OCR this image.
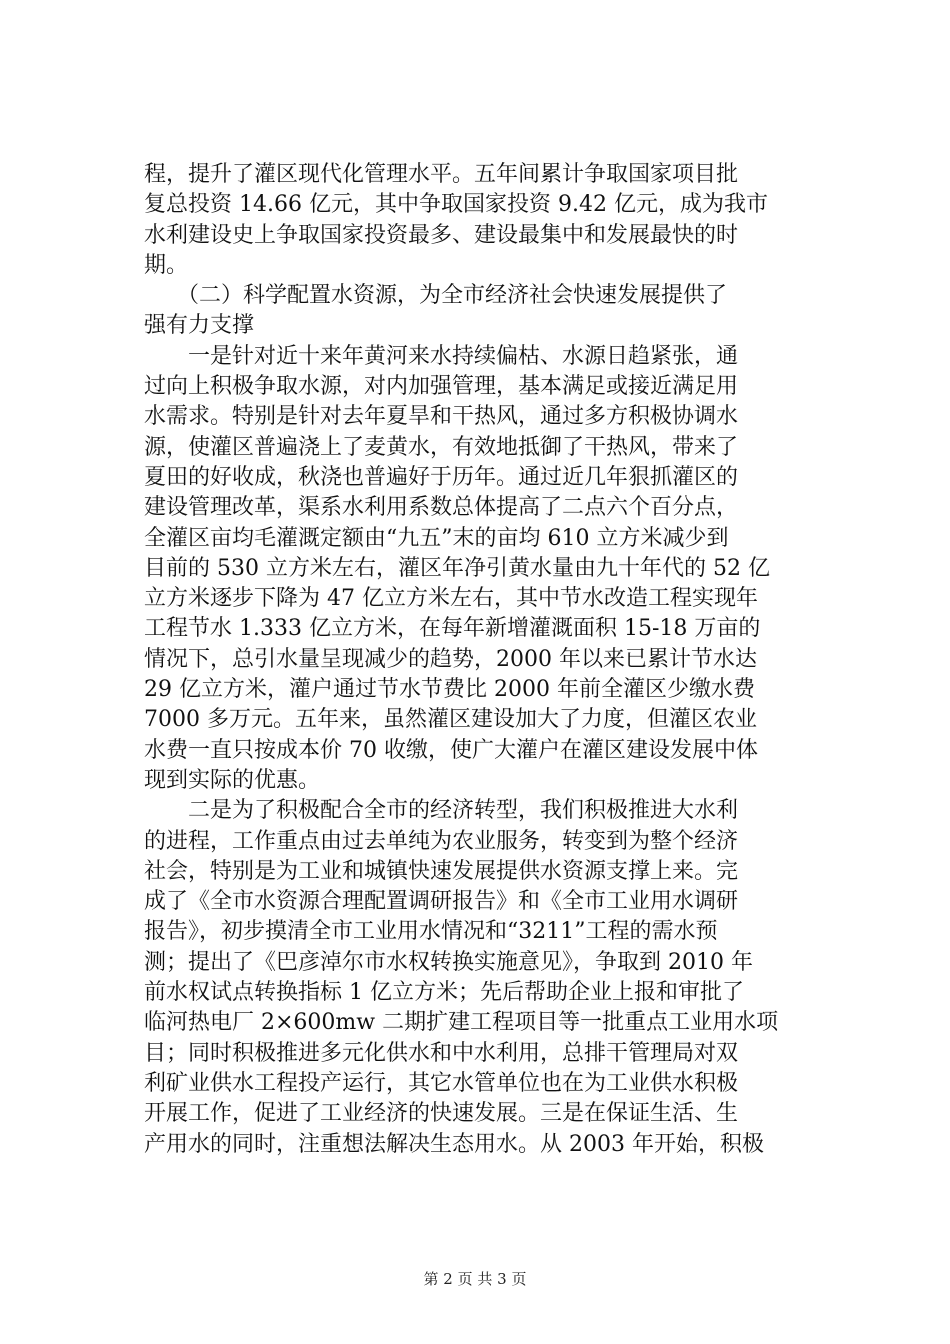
程，提升了灌区现代化管理水平。五年间累计争取国家项目批
复总投资 14.66 亿元，其中争取国家投资 9.42 亿元，成为我市
水利建设史上争取国家投资最多、建设最集中和发展最快的时
期。
　　（二）科学配置水资源，为全市经济社会快速发展提供了
强有力支撑
　　一是针对近十来年黄河来水持续偏枯、水源日趋紧张，通
过向上积极争取水源，对内加强管理，基本满足或接近满足用
水需求。特别是针对去年夏旱和干热风，通过多方积极协调水
源，使灌区普遍浇上了麦黄水，有效地抵御了干热风，带来了
夏田的好收成，秋浇也普遍好于历年。通过近几年狠抓灌区的
建设管理改革，渠系水利用系数总体提高了二点六个百分点，
全灌区亩均毛灌溉定额由“九五”末的亩均 610 立方米减少到
目前的 530 立方米左右，灌区年净引黄水量由九十年代的 52 亿
立方米逐步下降为 47 亿立方米左右，其中节水改造工程实现年
工程节水 1.333 亿立方米，在每年新增灌溉面积 15-18 万亩的
情况下，总引水量呈现减少的趋势，2000 年以来已累计节水达
29 亿立方米，灌户通过节水节费比 2000 年前全灌区少缴水费
7000 多万元。五年来，虽然灌区建设加大了力度，但灌区农业
水费一直只按成本价 70 收缴，使广大灌户在灌区建设发展中体
现到实际的优惠。
　　二是为了积极配合全市的经济转型，我们积极推进大水利
的进程，工作重点由过去单纯为农业服务，转变到为整个经济
社会，特别是为工业和城镇快速发展提供水资源支撑上来。完
成了《全市水资源合理配置调研报告》和《全市工业用水调研
报告》，初步摸清全市工业用水情况和“3211”工程的需水预
测；提出了《巴彦淖尔市水权转换实施意见》，争取到 2010 年
前水权试点转换指标 1 亿立方米；先后帮助企业上报和审批了
临河热电厂 2×600mw 二期扩建工程项目等一批重点工业用水项
目；同时积极推进多元化供水和中水利用，总排干管理局对双
利矿业供水工程投产运行，其它水管单位也在为工业供水积极
开展工作，促进了工业经济的快速发展。三是在保证生活、生
产用水的同时，注重想法解决生态用水。从 2003 年开始，积极
第 2 页 共 3 页
